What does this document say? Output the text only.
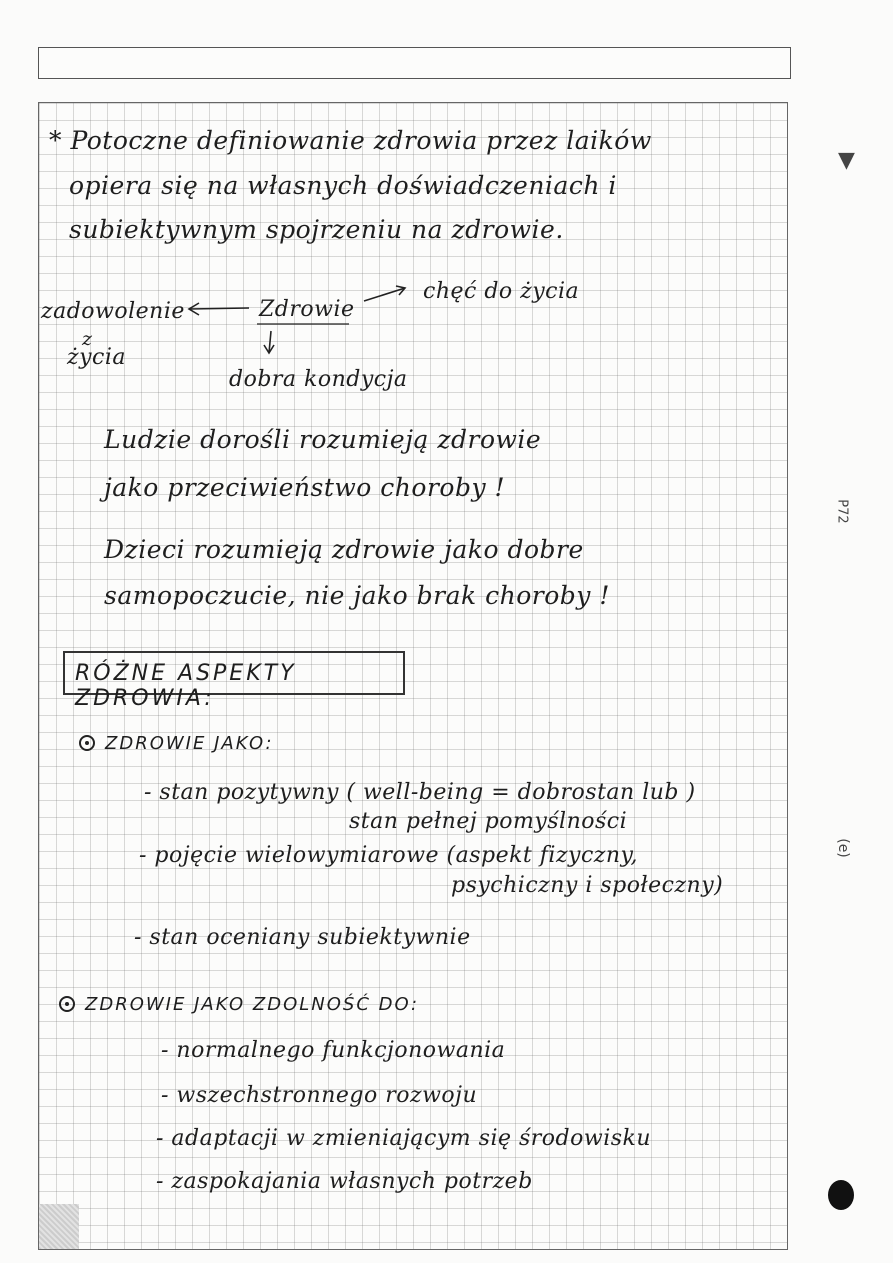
* Potoczne definiowanie zdrowia przez laików
opiera się na własnych doświadczeniach i
subiektywnym spojrzeniu na zdrowie.
Zdrowie
zadowolenie
z
życia
chęć do życia
dobra kondycja
Ludzie dorośli rozumieją zdrowie
jako przeciwieństwo choroby !
Dzieci rozumieją zdrowie jako dobre
samopoczucie, nie jako brak choroby !
RÓŻNE ASPEKTY ZDROWIA:
ZDROWIE JAKO:
- stan pozytywny ( well-being = dobrostan lub )
stan pełnej pomyślności
- pojęcie wielowymiarowe (aspekt fizyczny,
psychiczny i społeczny)
- stan oceniany subiektywnie
ZDROWIE JAKO ZDOLNOŚĆ DO:
- normalnego funkcjonowania
- wszechstronnego rozwoju
- adaptacji w zmieniającym się środowisku
- zaspokajania własnych potrzeb
▼
P72
(e)
